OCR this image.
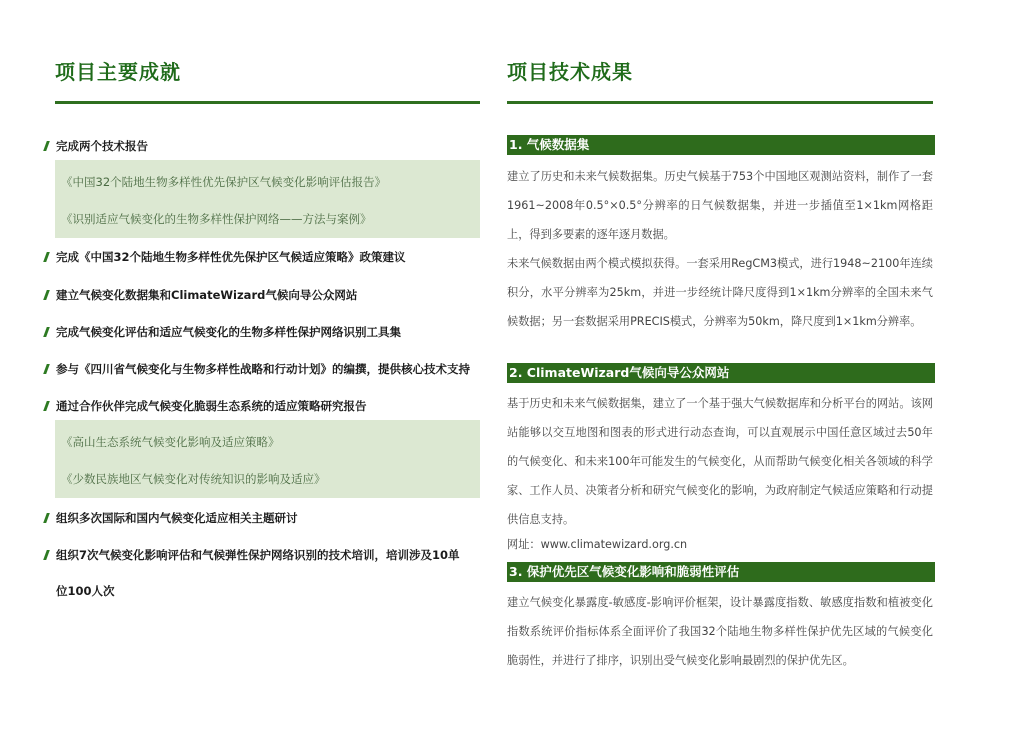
项目主要成就
完成两个技术报告
《中国32个陆地生物多样性优先保护区气候变化影响评估报告》
《识别适应气候变化的生物多样性保护网络——方法与案例》
完成《中国32个陆地生物多样性优先保护区气候适应策略》政策建议
建立气候变化数据集和ClimateWizard气候向导公众网站
完成气候变化评估和适应气候变化的生物多样性保护网络识别工具集
参与《四川省气候变化与生物多样性战略和行动计划》的编撰，提供核心技术支持
通过合作伙伴完成气候变化脆弱生态系统的适应策略研究报告
《高山生态系统气候变化影响及适应策略》
《少数民族地区气候变化对传统知识的影响及适应》
组织多次国际和国内气候变化适应相关主题研讨
组织7次气候变化影响评估和气候弹性保护网络识别的技术培训，培训涉及10单
位100人次
项目技术成果
1. 气候数据集
建立了历史和未来气候数据集。历史气候基于753个中国地区观测站资料，制作了一套1961~2008年0.5°×0.5°分辨率的日气候数据集，并进一步插值至1×1km网格距上，得到多要素的逐年逐月数据。
未来气候数据由两个模式模拟获得。一套采用RegCM3模式，进行1948~2100年连续积分，水平分辨率为25km，并进一步经统计降尺度得到1×1km分辨率的全国未来气候数据；另一套数据采用PRECIS模式，分辨率为50km，降尺度到1×1km分辨率。
2. ClimateWizard气候向导公众网站
基于历史和未来气候数据集，建立了一个基于强大气候数据库和分析平台的网站。该网站能够以交互地图和图表的形式进行动态查询，可以直观展示中国任意区域过去50年的气候变化、和未来100年可能发生的气候变化，从而帮助气候变化相关各领域的科学家、工作人员、决策者分析和研究气候变化的影响，为政府制定气候适应策略和行动提供信息支持。
网址：www.climatewizard.org.cn
3. 保护优先区气候变化影响和脆弱性评估
建立气候变化暴露度-敏感度-影响评价框架，设计暴露度指数、敏感度指数和植被变化指数系统评价指标体系全面评价了我国32个陆地生物多样性保护优先区域的气候变化脆弱性，并进行了排序，识别出受气候变化影响最剧烈的保护优先区。
